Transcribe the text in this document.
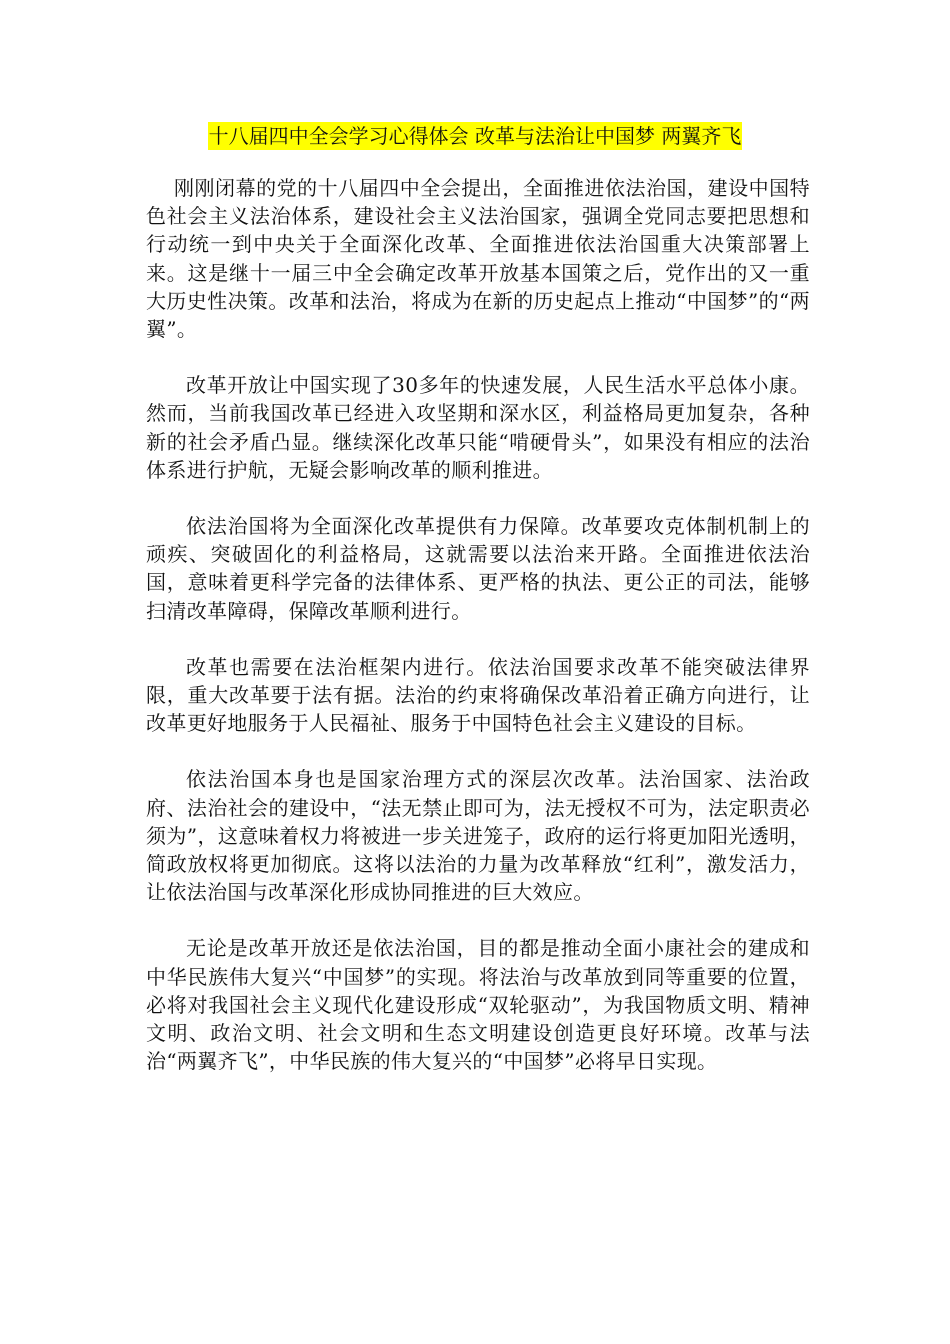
十八届四中全会学习心得体会 改革与法治让中国梦 两翼齐飞

刚刚闭幕的党的十八届四中全会提出，全面推进依法治国，建设中国特色社会主义法治体系，建设社会主义法治国家，强调全党同志要把思想和行动统一到中央关于全面深化改革、全面推进依法治国重大决策部署上来。这是继十一届三中全会确定改革开放基本国策之后，党作出的又一重大历史性决策。改革和法治，将成为在新的历史起点上推动“中国梦”的“两翼”。

改革开放让中国实现了30多年的快速发展，人民生活水平总体小康。然而，当前我国改革已经进入攻坚期和深水区，利益格局更加复杂，各种新的社会矛盾凸显。继续深化改革只能“啃硬骨头”，如果没有相应的法治体系进行护航，无疑会影响改革的顺利推进。

依法治国将为全面深化改革提供有力保障。改革要攻克体制机制上的顽疾、突破固化的利益格局，这就需要以法治来开路。全面推进依法治国，意味着更科学完备的法律体系、更严格的执法、更公正的司法，能够扫清改革障碍，保障改革顺利进行。

改革也需要在法治框架内进行。依法治国要求改革不能突破法律界限，重大改革要于法有据。法治的约束将确保改革沿着正确方向进行，让改革更好地服务于人民福祉、服务于中国特色社会主义建设的目标。

依法治国本身也是国家治理方式的深层次改革。法治国家、法治政府、法治社会的建设中，“法无禁止即可为，法无授权不可为，法定职责必须为”，这意味着权力将被进一步关进笼子，政府的运行将更加阳光透明，简政放权将更加彻底。这将以法治的力量为改革释放“红利”，激发活力，让依法治国与改革深化形成协同推进的巨大效应。

无论是改革开放还是依法治国，目的都是推动全面小康社会的建成和中华民族伟大复兴“中国梦”的实现。将法治与改革放到同等重要的位置，必将对我国社会主义现代化建设形成“双轮驱动”，为我国物质文明、精神文明、政治文明、社会文明和生态文明建设创造更良好环境。改革与法治“两翼齐飞”，中华民族的伟大复兴的“中国梦”必将早日实现。
